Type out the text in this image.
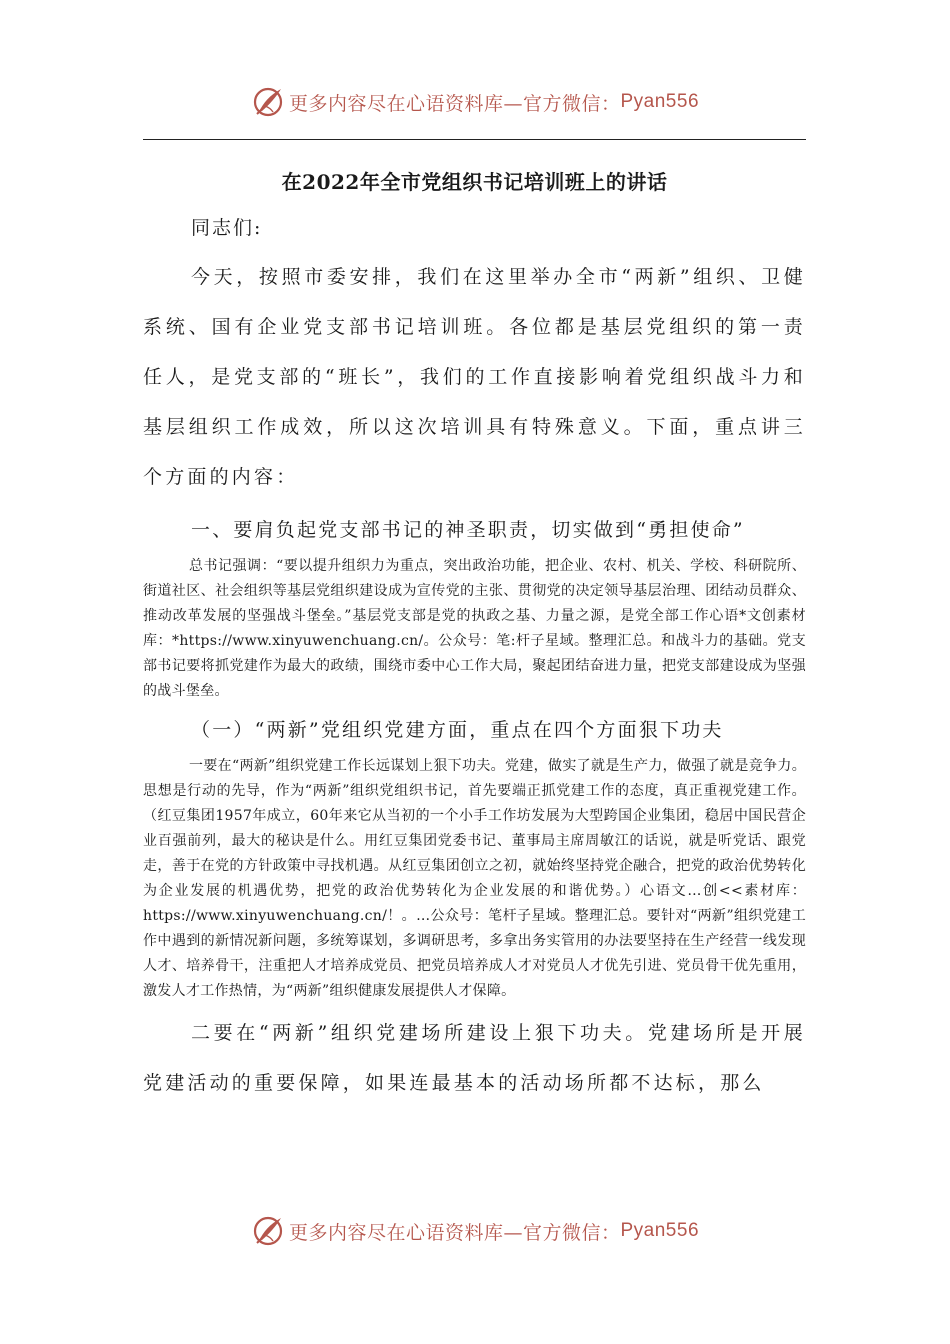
更多内容尽在心语资料库—官方微信： Pyan556
在2022年全市党组织书记培训班上的讲话

同志们:

今天，按照市委安排，我们在这里举办全市“两新”组织、卫健系统、国有企业党支部书记培训班。各位都是基层党组织的第一责任人，是党支部的“班长”，我们的工作直接影响着党组织战斗力和基层组织工作成效，所以这次培训具有特殊意义。下面，重点讲三个方面的内容：

一、要肩负起党支部书记的神圣职责，切实做到“勇担使命”

总书记强调：“要以提升组织力为重点，突出政治功能，把企业、农村、机关、学校、科研院所、街道社区、社会组织等基层党组织建设成为宣传党的主张、贯彻党的决定领导基层治理、团结动员群众、推动改革发展的坚强战斗堡垒。”基层党支部是党的执政之基、力量之源，是党全部工作心语*文创素材库：*https://www.xinyuwenchuang.cn/。公众号：笔:杆子星域。整理汇总。和战斗力的基础。党支部书记要将抓党建作为最大的政绩，围绕市委中心工作大局，聚起团结奋进力量，把党支部建设成为坚强的战斗堡垒。

（一）“两新”党组织党建方面，重点在四个方面狠下功夫

一要在“两新”组织党建工作长远谋划上狠下功夫。党建，做实了就是生产力，做强了就是竞争力。思想是行动的先导，作为“两新”组织党组织书记，首先要端正抓党建工作的态度，真正重视党建工作。（红豆集团1957年成立，60年来它从当初的一个小手工作坊发展为大型跨国企业集团，稳居中国民营企业百强前列，最大的秘诀是什么。用红豆集团党委书记、董事局主席周敏江的话说，就是听党话、跟党走，善于在党的方针政策中寻找机遇。从红豆集团创立之初，就始终坚持党企融合，把党的政治优势转化为企业发展的机遇优势，把党的政治优势转化为企业发展的和谐优势。）心语文…创<<素材库：https://www.xinyuwenchuang.cn/！。…公众号：笔杆子星域。整理汇总。要针对“两新”组织党建工作中遇到的新情况新问题，多统筹谋划，多调研思考，多拿出务实管用的办法要坚持在生产经营一线发现人才、培养骨干，注重把人才培养成党员、把党员培养成人才对党员人才优先引进、党员骨干优先重用，激发人才工作热情，为“两新”组织健康发展提供人才保障。

二要在“两新”组织党建场所建设上狠下功夫。党建场所是开展党建活动的重要保障，如果连最基本的活动场所都不达标，那么

更多内容尽在心语资料库—官方微信： Pyan556
